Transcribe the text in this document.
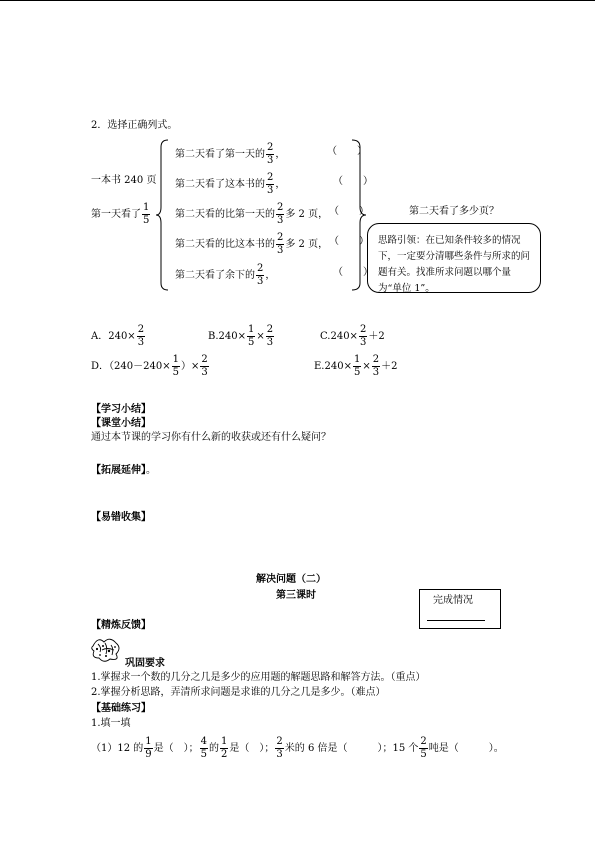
2．选择正确列式。
一本书 240 页
第一天看了 $\frac{1}{5}$
第二天看了第一天的 $\frac{2}{3}$ ，	（　　）
第二天看了这本书的 $\frac{2}{3}$ ，	（　　）
第二天看的比第一天的 $\frac{2}{3}$ 多 2 页， （　　）
第二天看的比这本书的 $\frac{2}{3}$ 多 2 页， （　　）
第二天看了余下的 $\frac{2}{3}$ ，	（　　）
第二天看了多少页？
思路引领：在已知条件较多的情况下，一定要分清哪些条件与所求的问题有关。找准所求问题以哪个量为“单位 1”。
A．$240\times \frac{2}{3}$	$B.240\times \frac{1}{5} \times \frac{2}{3}$	$C.240\times \frac{2}{3} +2$
D．（$240-240\times \frac{1}{5}$ ）× $\frac{2}{3}$	$E.240\times \frac{1}{5} \times \frac{2}{3} +2$
【学习小结】
【课堂小结】
通过本节课的学习你有什么新的收获或还有什么疑问？
【拓展延伸】。
【易错收集】
解决问题（二）
第三课时	完成情况
【精炼反馈】
巩固要求
1.掌握求一个数的几分之几是多少的应用题的解题思路和解答方法。（重点）
2.掌握分析思路，弄清所求问题是求谁的几分之几是多少。（难点）
【基础练习】
1.填一填
（1）12 的 $\frac{1}{9}$ 是（　）； $\frac{4}{5}$ 的 $\frac{1}{2}$ 是（　）； $\frac{2}{3}$ 米的 6 倍是（　　　）；15 个 $\frac{2}{5}$ 吨是（　　　）。
